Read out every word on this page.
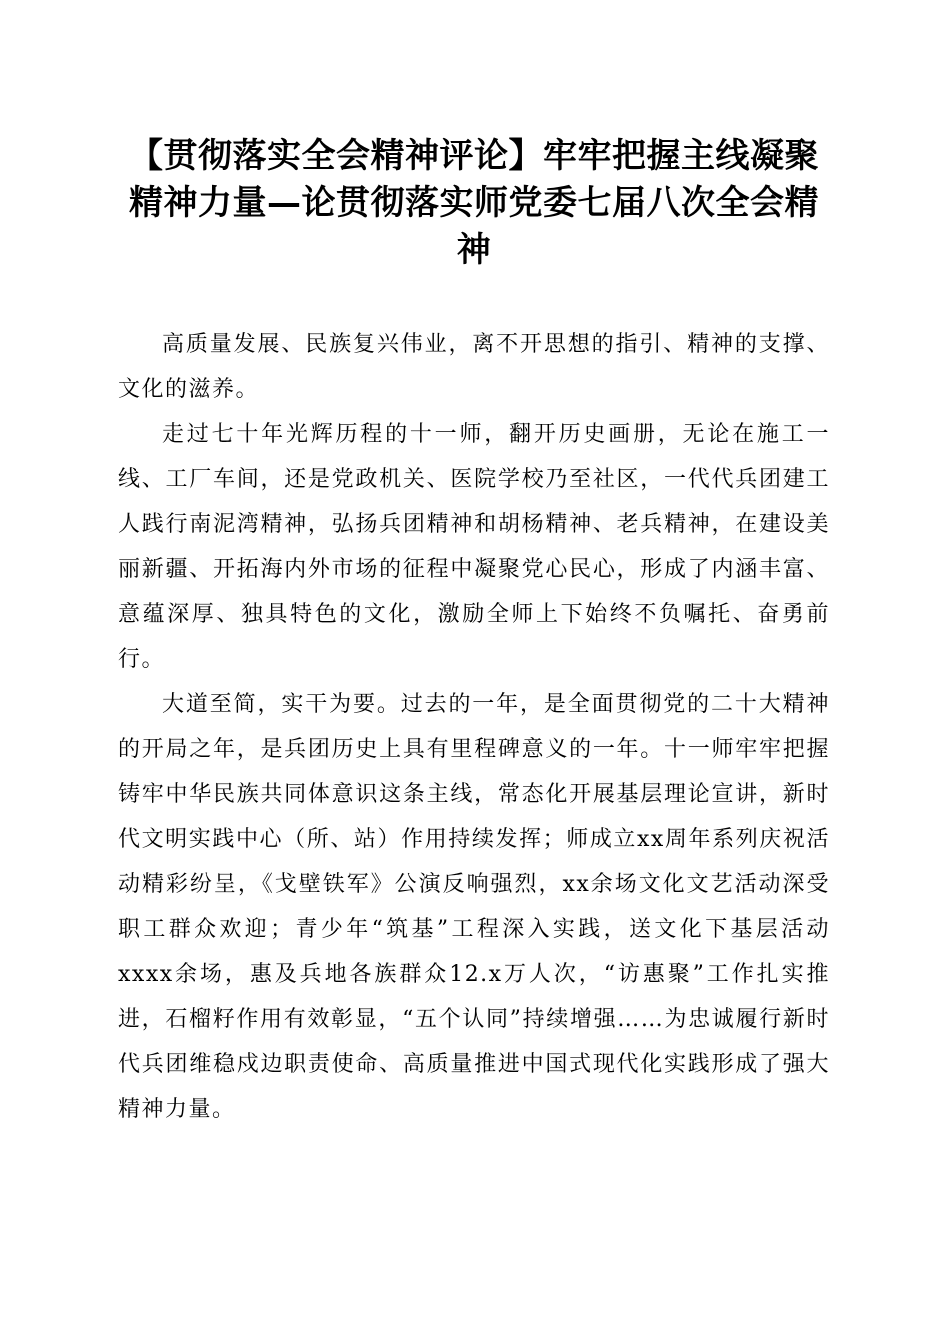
【贯彻落实全会精神评论】牢牢把握主线凝聚精神力量—论贯彻落实师党委七届八次全会精神

高质量发展、民族复兴伟业，离不开思想的指引、精神的支撑、文化的滋养。

走过七十年光辉历程的十一师，翻开历史画册，无论在施工一线、工厂车间，还是党政机关、医院学校乃至社区，一代代兵团建工人践行南泥湾精神，弘扬兵团精神和胡杨精神、老兵精神，在建设美丽新疆、开拓海内外市场的征程中凝聚党心民心，形成了内涵丰富、意蕴深厚、独具特色的文化，激励全师上下始终不负嘱托、奋勇前行。

大道至简，实干为要。过去的一年，是全面贯彻党的二十大精神的开局之年，是兵团历史上具有里程碑意义的一年。十一师牢牢把握铸牢中华民族共同体意识这条主线，常态化开展基层理论宣讲，新时代文明实践中心（所、站）作用持续发挥；师成立xx周年系列庆祝活动精彩纷呈，《戈壁铁军》公演反响强烈，xx余场文化文艺活动深受职工群众欢迎；青少年“筑基”工程深入实践，送文化下基层活动xxxx余场，惠及兵地各族群众12.x万人次，“访惠聚”工作扎实推进，石榴籽作用有效彰显，“五个认同”持续增强……为忠诚履行新时代兵团维稳戍边职责使命、高质量推进中国式现代化实践形成了强大精神力量。
